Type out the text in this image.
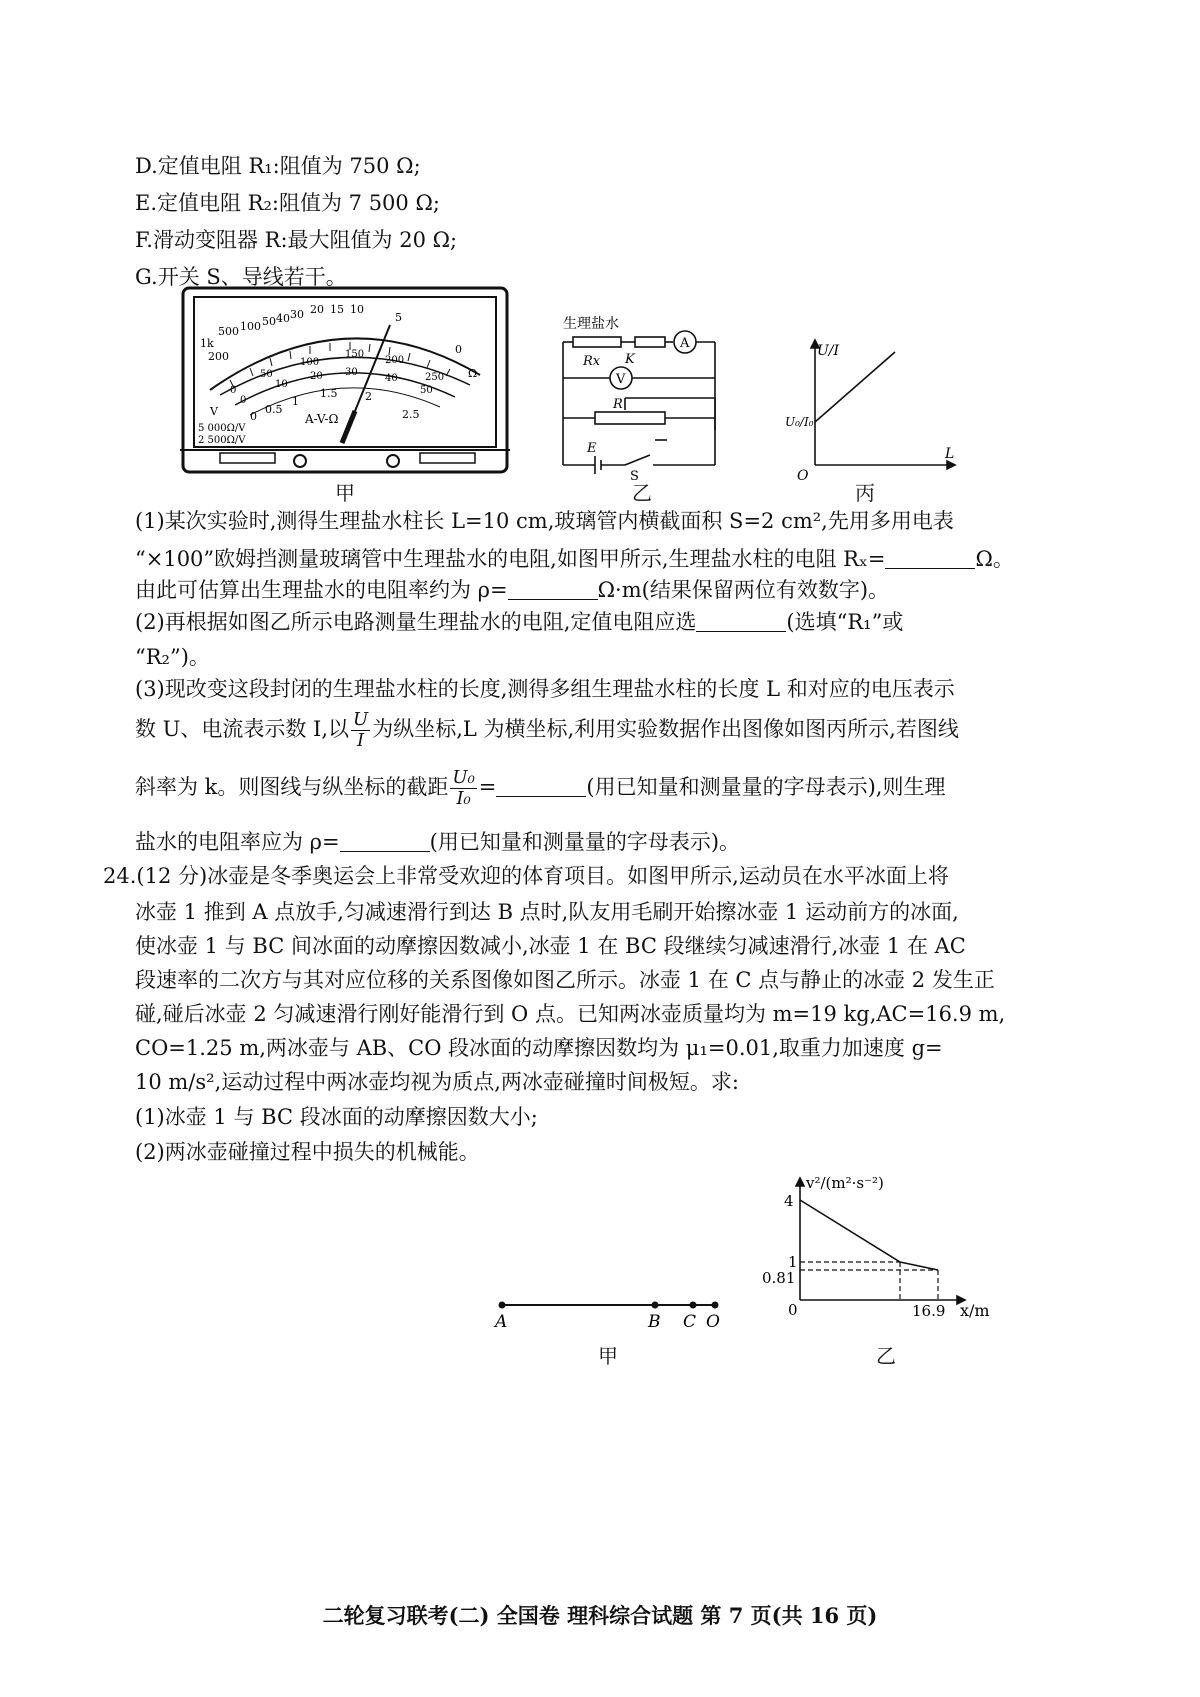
D.定值电阻 R₁:阻值为 750 Ω;
E.定值电阻 R₂:阻值为 7 500 Ω;
F.滑动变阻器 R:最大阻值为 20 Ω;
G.开关 S、导线若干。
1k
500
200
100 50 40 30 20 15 10
5
0
Ω
0
50
100
150
200
250
0
10
20 30
40
50
0
0.5
1
1.5	2
2.5
A-V-Ω
V
5 000Ω/V
2 500Ω/V
甲
生理盐水
A
V
Rx K
R
E
S
乙
U/I
L
O
U₀/I₀
丙
(1)某次实验时,测得生理盐水柱长 L=10 cm,玻璃管内横截面积 S=2 cm²,先用多用电表
“×100”欧姆挡测量玻璃管中生理盐水的电阻,如图甲所示,生理盐水柱的电阻 Rₓ=	Ω。
由此可估算出生理盐水的电阻率约为 ρ=	Ω·m(结果保留两位有效数字)。
(2)再根据如图乙所示电路测量生理盐水的电阻,定值电阻应选	(选填“R₁”或
“R₂”)。
(3)现改变这段封闭的生理盐水柱的长度,测得多组生理盐水柱的长度 L 和对应的电压表示
数 U、电流表示数 I,以 $\frac{U}{I}$ 为纵坐标,L 为横坐标,利用实验数据作出图像如图丙所示,若图线
斜率为 k。则图线与纵坐标的截距 $\frac{\text{U₀}}{\text{I₀}}$ =	(用已知量和测量量的字母表示),则生理
盐水的电阻率应为 ρ=	(用已知量和测量量的字母表示)。
24.(12 分)冰壶是冬季奥运会上非常受欢迎的体育项目。如图甲所示,运动员在水平冰面上将
冰壶 1 推到 A 点放手,匀减速滑行到达 B 点时,队友用毛刷开始擦冰壶 1 运动前方的冰面,
使冰壶 1 与 BC 间冰面的动摩擦因数减小,冰壶 1 在 BC 段继续匀减速滑行,冰壶 1 在 AC
段速率的二次方与其对应位移的关系图像如图乙所示。冰壶 1 在 C 点与静止的冰壶 2 发生正
碰,碰后冰壶 2 匀减速滑行刚好能滑行到 O 点。已知两冰壶质量均为 m=19 kg,AC=16.9 m,
CO=1.25 m,两冰壶与 AB、CO 段冰面的动摩擦因数均为 μ₁=0.01,取重力加速度 g=
10 m/s²,运动过程中两冰壶均视为质点,两冰壶碰撞时间极短。求:
(1)冰壶 1 与 BC 段冰面的动摩擦因数大小;
(2)两冰壶碰撞过程中损失的机械能。
A	B C O
甲
v²/(m²·s⁻²)
x/m
0
4
1
0.81
16.9
乙
二轮复习联考(二) 全国卷 理科综合试题 第 7 页(共 16 页)
